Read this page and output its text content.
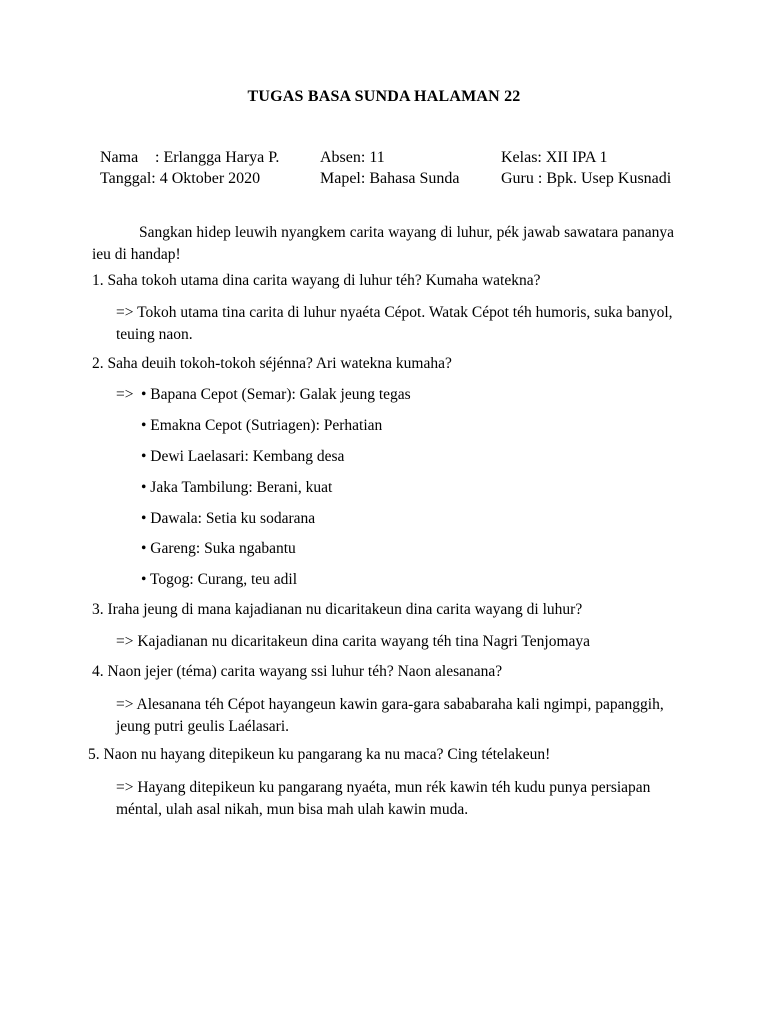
TUGAS BASA SUNDA HALAMAN 22
Nama : Erlangga Harya P.	Absen: 11	Kelas: XII IPA 1
Tanggal: 4 Oktober 2020	Mapel: Bahasa Sunda	Guru : Bpk. Usep Kusnadi

Sangkan hidep leuwih nyangkem carita wayang di luhur, pék jawab sawatara pananya ieu di handap!

1. Saha tokoh utama dina carita wayang di luhur téh? Kumaha watekna?

=> Tokoh utama tina carita di luhur nyaéta Cépot. Watak Cépot téh humoris, suka banyol, teuing naon.

2. Saha deuih tokoh-tokoh séjénna? Ari watekna kumaha?
=> • Bapana Cepot (Semar): Galak jeung tegas
• Emakna Cepot (Sutriagen): Perhatian
• Dewi Laelasari: Kembang desa
• Jaka Tambilung: Berani, kuat
• Dawala: Setia ku sodarana
• Gareng: Suka ngabantu
• Togog: Curang, teu adil
3. Iraha jeung di mana kajadianan nu dicaritakeun dina carita wayang di luhur?
=> Kajadianan nu dicaritakeun dina carita wayang téh tina Nagri Tenjomaya
4. Naon jejer (téma) carita wayang ssi luhur téh? Naon alesanana?

=> Alesanana téh Cépot hayangeun kawin gara-gara sababaraha kali ngimpi, papanggih, jeung putri geulis Laélasari.

5. Naon nu hayang ditepikeun ku pangarang ka nu maca? Cing tételakeun!

=> Hayang ditepikeun ku pangarang nyaéta, mun rék kawin téh kudu punya persiapan méntal, ulah asal nikah, mun bisa mah ulah kawin muda.
